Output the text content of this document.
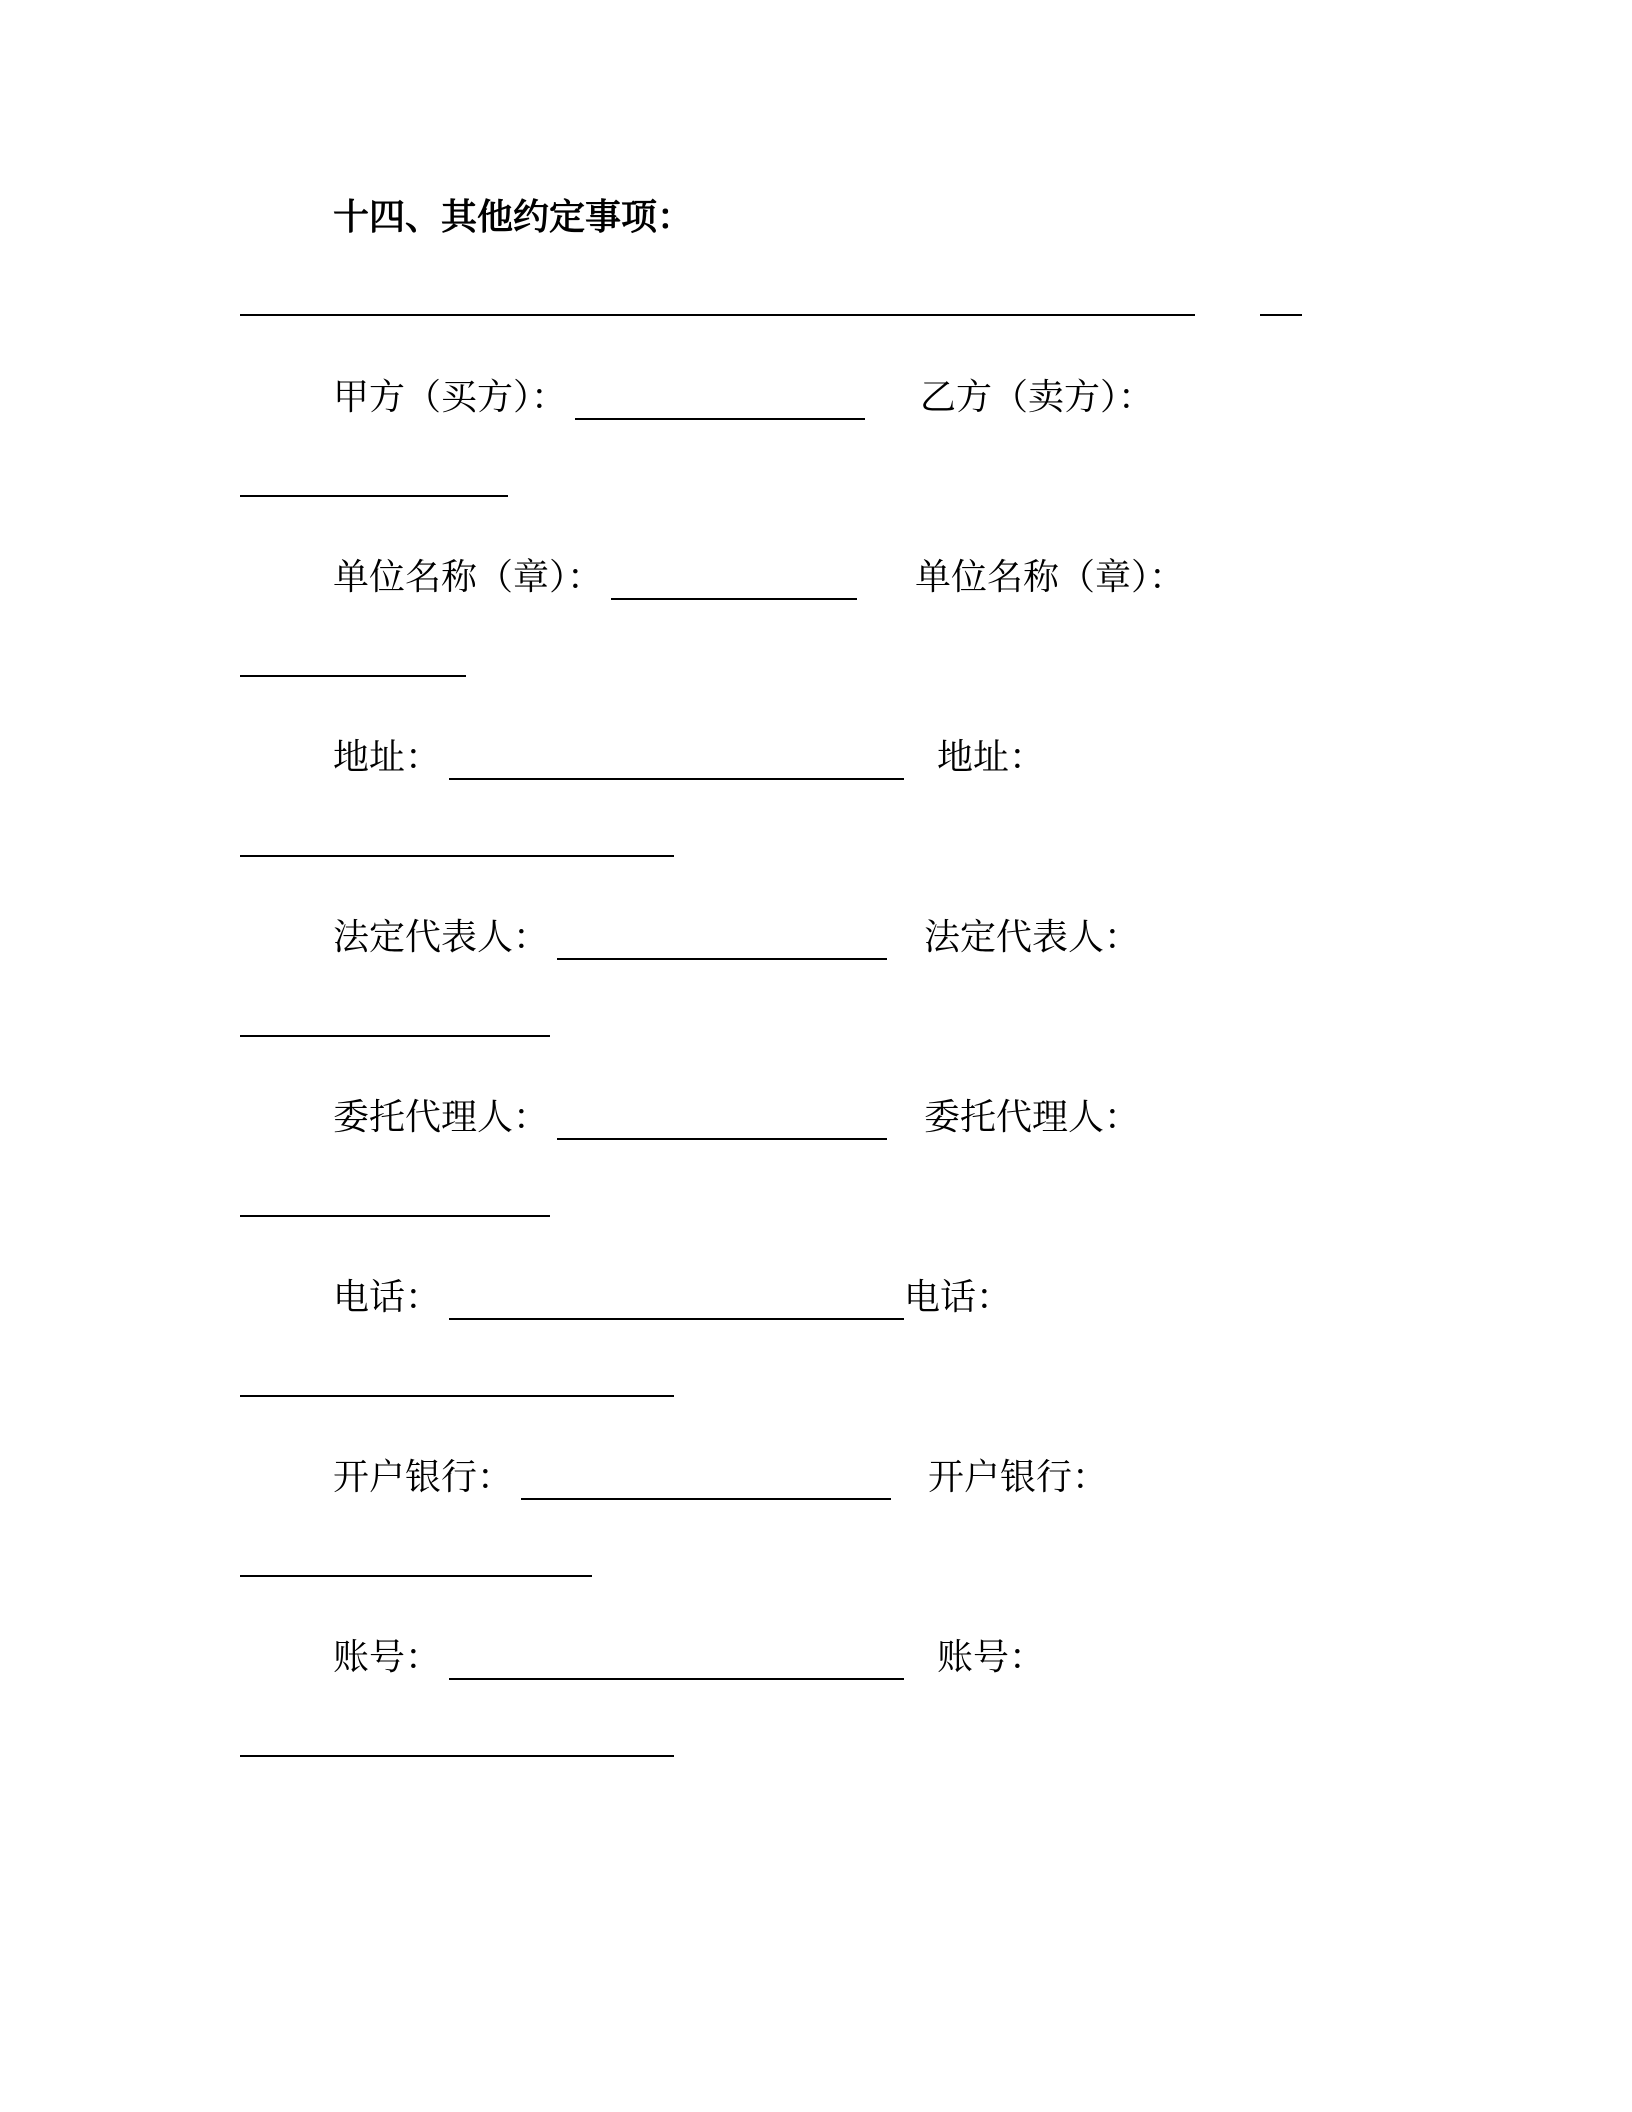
十四、其他约定事项：
甲方（买方）：	乙方（卖方）：
单位名称（章）：	单位名称（章）：
地址：	地址：
法定代表人：	法定代表人：
委托代理人：	委托代理人：
电话：	电话：
开户银行：	开户银行：
账号：	账号：
